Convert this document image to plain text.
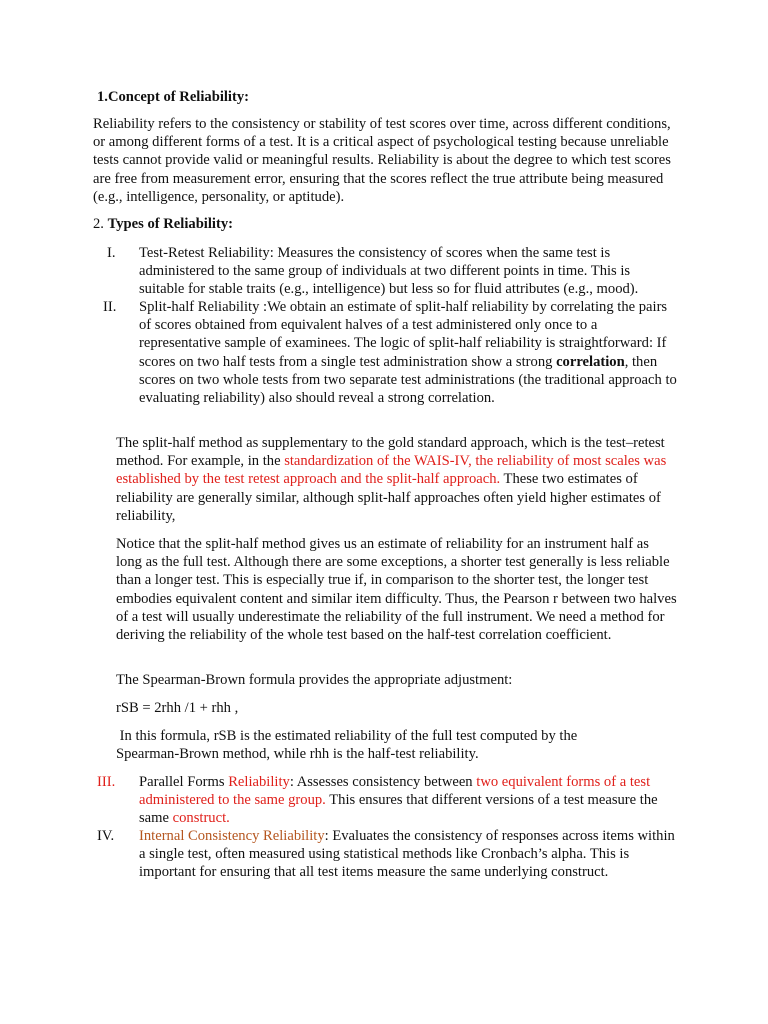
1.Concept of Reliability:
Reliability refers to the consistency or stability of test scores over time, across different conditions, or among different forms of a test. It is a critical aspect of psychological testing because unreliable tests cannot provide valid or meaningful results. Reliability is about the degree to which test scores are free from measurement error, ensuring that the scores reflect the true attribute being measured (e.g., intelligence, personality, or aptitude).
2. Types of Reliability:
I. Test-Retest Reliability: Measures the consistency of scores when the same test is administered to the same group of individuals at two different points in time. This is suitable for stable traits (e.g., intelligence) but less so for fluid attributes (e.g., mood).
II. Split-half Reliability :We obtain an estimate of split-half reliability by correlating the pairs of scores obtained from equivalent halves of a test administered only once to a representative sample of examinees. The logic of split-half reliability is straightforward: If scores on two half tests from a single test administration show a strong correlation, then scores on two whole tests from two separate test administrations (the traditional approach to evaluating reliability) also should reveal a strong correlation.
The split-half method as supplementary to the gold standard approach, which is the test–retest method. For example, in the standardization of the WAIS-IV, the reliability of most scales was established by the test retest approach and the split-half approach. These two estimates of reliability are generally similar, although split-half approaches often yield higher estimates of reliability,
Notice that the split-half method gives us an estimate of reliability for an instrument half as long as the full test. Although there are some exceptions, a shorter test generally is less reliable than a longer test. This is especially true if, in comparison to the shorter test, the longer test embodies equivalent content and similar item difficulty. Thus, the Pearson r between two halves of a test will usually underestimate the reliability of the full instrument. We need a method for deriving the reliability of the whole test based on the half-test correlation coefficient.
The Spearman-Brown formula provides the appropriate adjustment:
rSB = 2rhh /1 + rhh ,
In this formula, rSB is the estimated reliability of the full test computed by the Spearman-Brown method, while rhh is the half-test reliability.
III. Parallel Forms Reliability: Assesses consistency between two equivalent forms of a test administered to the same group. This ensures that different versions of a test measure the same construct.
IV. Internal Consistency Reliability: Evaluates the consistency of responses across items within a single test, often measured using statistical methods like Cronbach’s alpha. This is important for ensuring that all test items measure the same underlying construct.
